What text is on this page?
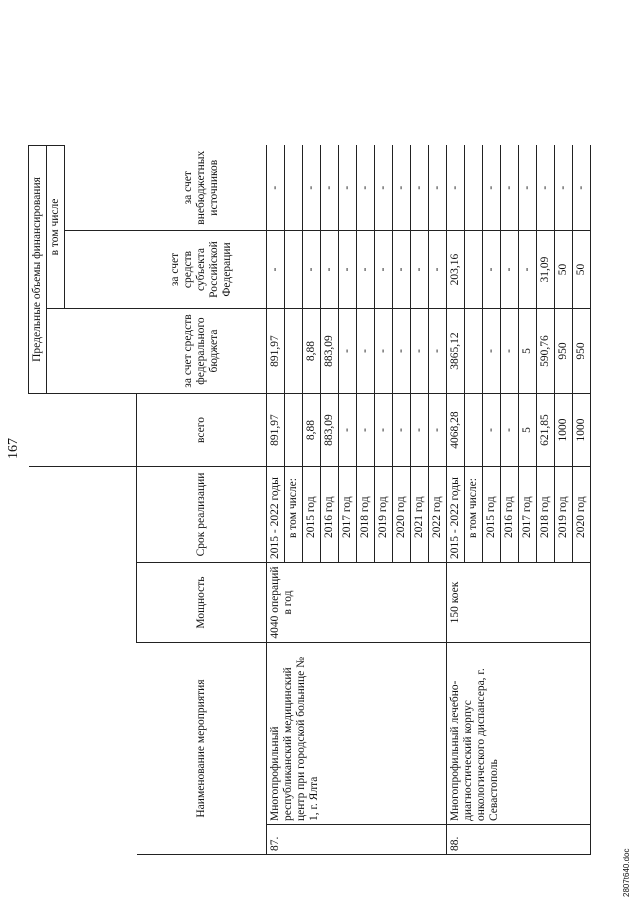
167
					Предельные объемы финансирования		
						в том числе	

Наименование мероприятия		Мощность	Срок реализации	всего	за счет средств федерального бюджета	за счет средств субъекта Российской Федерации	за счет внебюджетных источников
87.	Многопрофильный республиканский медицинский центр при городской больнице № 1, г. Ялта	4040 операций в год	2015 - 2022 годы	891,97	891,97	-	-
			в том числе:				
			2015 год	8,88	8,88	-	-
			2016 год	883,09	883,09	-	-
			2017 год	-	-	-	-
			2018 год	-	-	-	-
			2019 год	-	-	-	-
			2020 год	-	-	-	-
			2021 год	-	-	-	-
			2022 год	-	-	-	-
88.	Многопрофильный лечебно-диагностический корпус онкологического диспансера, г. Севастополь	150 коек	2015 - 2022 годы	4068,28	3865,12	203,16	-
			в том числе:				
			2015 год	-	-	-	-
			2016 год	-	-	-	-
			2017 год	5	5	-	-
			2018 год	621,85	590,76	31,09	-
			2019 год	1000	950	50	-
			2020 год	1000	950	50	-
2807t640.doc
